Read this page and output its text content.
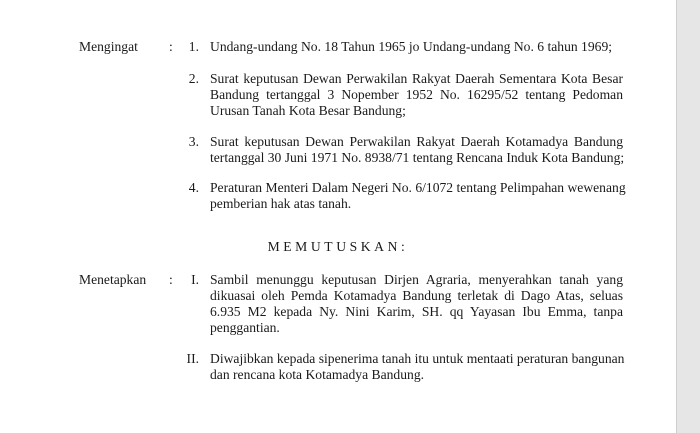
Mengingat :	1. Undang-undang No. 18 Tahun 1965 jo Undang-undang No. 6 tahun 1969;
2. Surat keputusan Dewan Perwakilan Rakyat Daerah Sementara Kota Besar
Bandung tertanggal 3 Nopember 1952 No. 16295/52 tentang Pedoman
Urusan Tanah Kota Besar Bandung;
3. Surat keputusan Dewan Perwakilan Rakyat Daerah Kotamadya Bandung
tertanggal 30 Juni 1971 No. 8938/71 tentang Rencana Induk Kota Bandung;
4. Peraturan Menteri Dalam Negeri No. 6/1072 tentang Pelimpahan wewenang
pemberian hak atas tanah.
MEMUTUSKAN:
Menetapkan :	I. Sambil menunggu keputusan Dirjen Agraria, menyerahkan tanah yang
dikuasai oleh Pemda Kotamadya Bandung terletak di Dago Atas, seluas
6.935 M2 kepada Ny. Nini Karim, SH. qq Yayasan Ibu Emma, tanpa
penggantian.
II. Diwajibkan kepada sipenerima tanah itu untuk mentaati peraturan bangunan
dan rencana kota Kotamadya Bandung.
